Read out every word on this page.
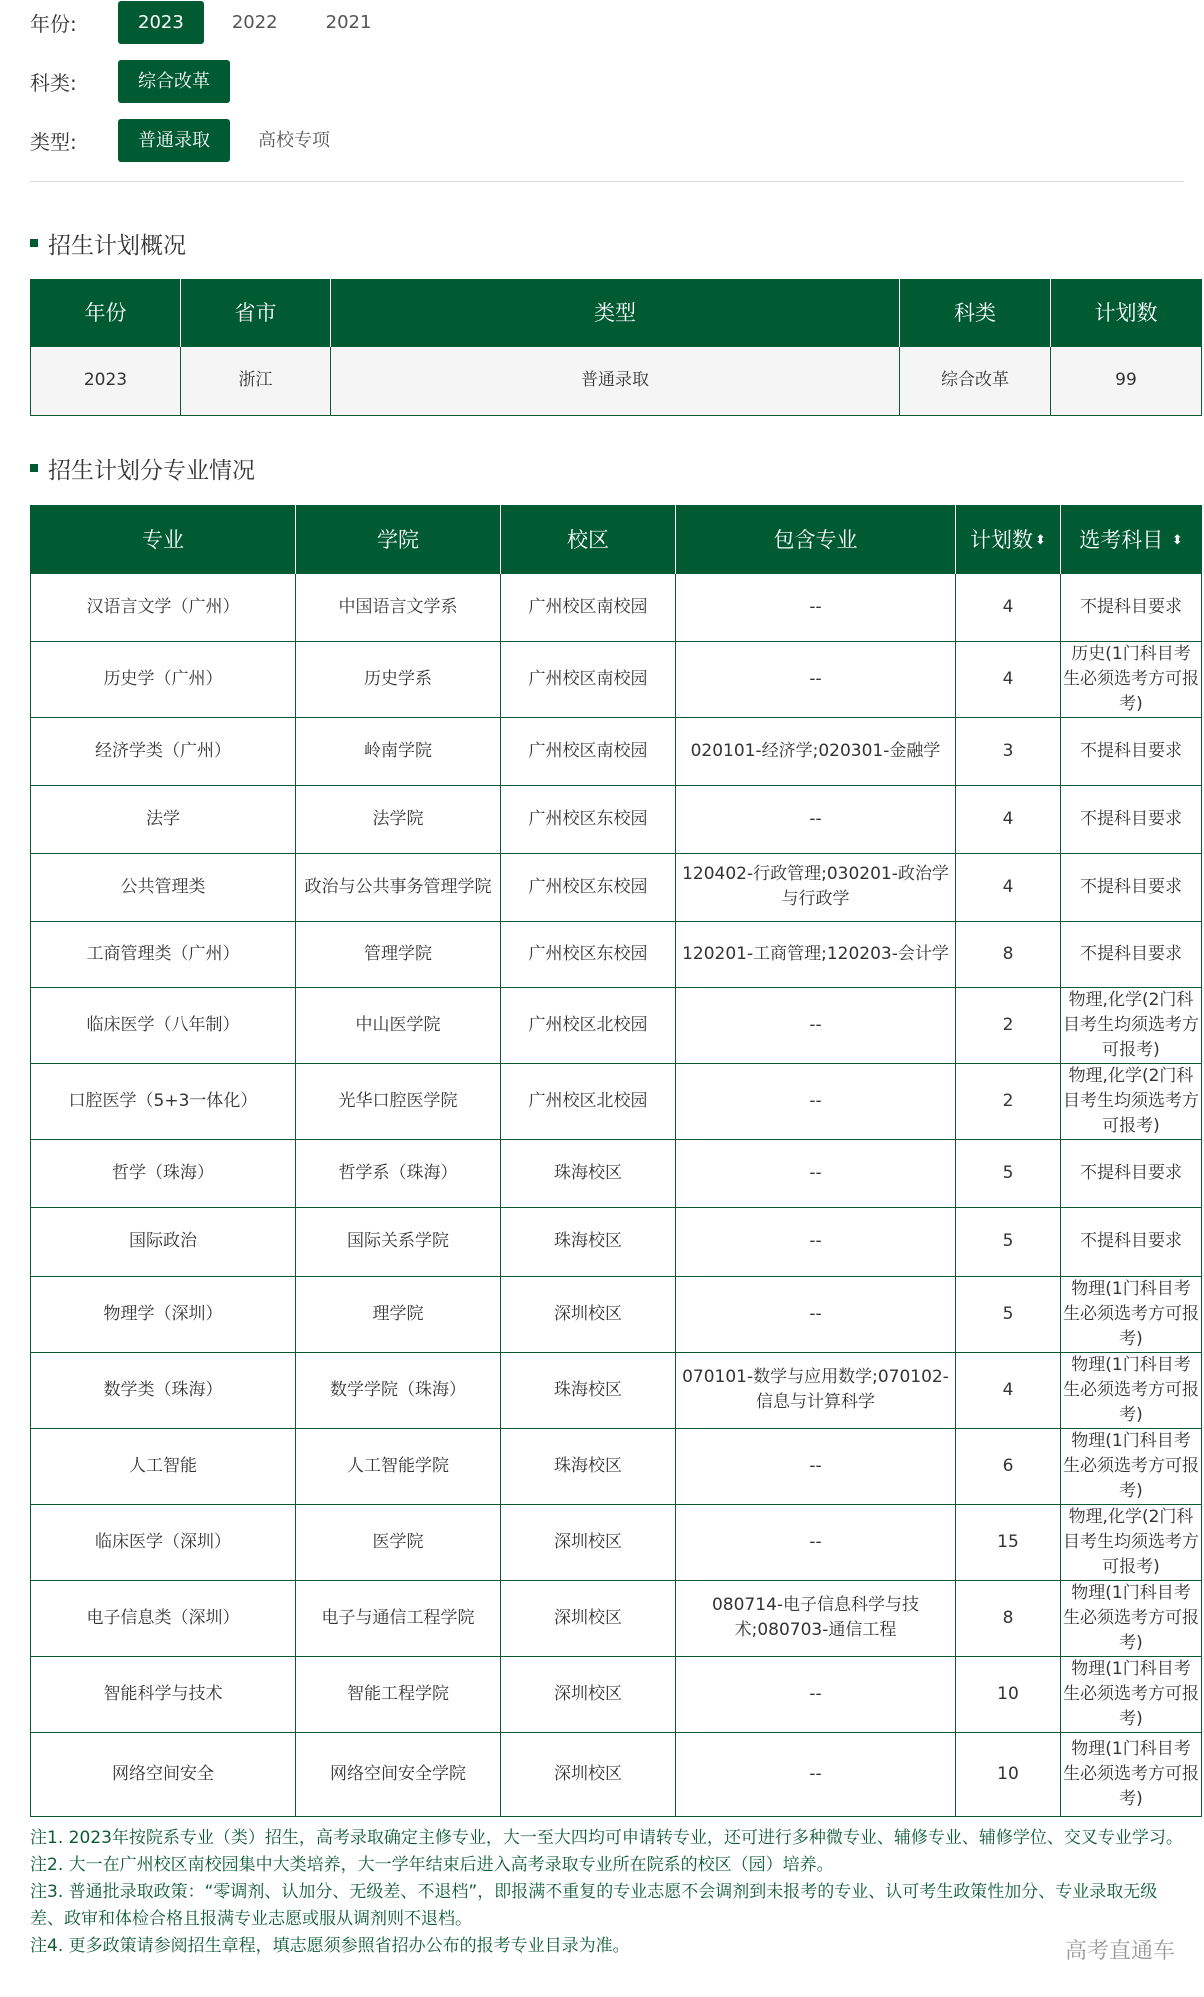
年份:	2023	2022	2021
科类:	综合改革
类型:	普通录取	高校专项
招生计划概况
年份	省市	类型	科类	计划数
2023	浙江	普通录取	综合改革	99
招生计划分专业情况
专业	学院	校区	包含专业	计划数 ⬍	选考科目 ⬍
汉语言文学（广州）	中国语言文学系	广州校区南校园	--	4	不提科目要求
历史学（广州）	历史学系	广州校区南校园	--	4	历史(1门科目考生必须选考方可报考)
经济学类（广州）	岭南学院	广州校区南校园	020101-经济学;020301-金融学	3	不提科目要求
法学	法学院	广州校区东校园	--	4	不提科目要求
公共管理类	政治与公共事务管理学院	广州校区东校园	120402-行政管理;030201-政治学与行政学	4	不提科目要求
工商管理类（广州）	管理学院	广州校区东校园	120201-工商管理;120203-会计学	8	不提科目要求
临床医学（八年制）	中山医学院	广州校区北校园	--	2	物理,化学(2门科目考生均须选考方可报考)
口腔医学（5+3一体化）	光华口腔医学院	广州校区北校园	--	2	物理,化学(2门科目考生均须选考方可报考)
哲学（珠海）	哲学系（珠海）	珠海校区	--	5	不提科目要求
国际政治	国际关系学院	珠海校区	--	5	不提科目要求
物理学（深圳）	理学院	深圳校区	--	5	物理(1门科目考生必须选考方可报考)
数学类（珠海）	数学学院（珠海）	珠海校区	070101-数学与应用数学;070102-信息与计算科学	4	物理(1门科目考生必须选考方可报考)
人工智能	人工智能学院	珠海校区	--	6	物理(1门科目考生必须选考方可报考)
临床医学（深圳）	医学院	深圳校区	--	15	物理,化学(2门科目考生均须选考方可报考)
电子信息类（深圳）	电子与通信工程学院	深圳校区	080714-电子信息科学与技术;080703-通信工程	8	物理(1门科目考生必须选考方可报考)
智能科学与技术	智能工程学院	深圳校区	--	10	物理(1门科目考生必须选考方可报考)
网络空间安全	网络空间安全学院	深圳校区	--	10	物理(1门科目考生必须选考方可报考)

注1. 2023年按院系专业（类）招生，高考录取确定主修专业，大一至大四均可申请转专业，还可进行多种微专业、辅修专业、辅修学位、交叉专业学习。

注2. 大一在广州校区南校园集中大类培养，大一学年结束后进入高考录取专业所在院系的校区（园）培养。

注3. 普通批录取政策：“零调剂、认加分、无级差、不退档”，即报满不重复的专业志愿不会调剂到未报考的专业、认可考生政策性加分、专业录取无级差、政审和体检合格且报满专业志愿或服从调剂则不退档。

注4. 更多政策请参阅招生章程，填志愿须参照省招办公布的报考专业目录为准。	高考直通车
